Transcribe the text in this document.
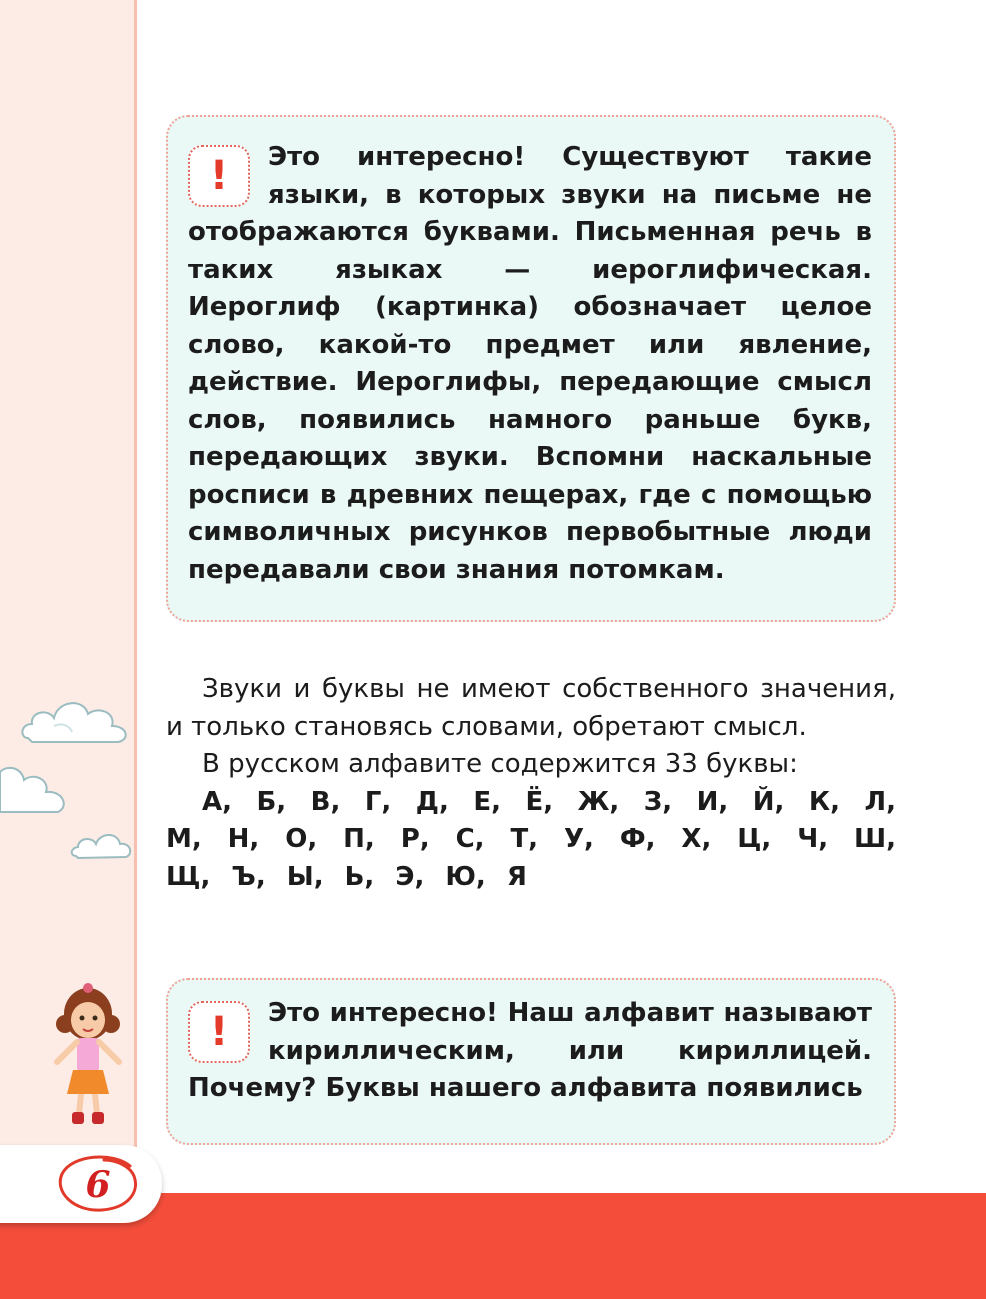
!	Это интересно! Существуют такие языки, в которых звуки на письме не отображаются буквами. Письменная речь в таких языках — иероглифическая. Иероглиф (картинка) обозначает целое слово, какой-то предмет или явление, действие. Иероглифы, передающие смысл слов, появились намного раньше букв, передающих звуки. Вспомни наскальные росписи в древних пещерах, где с помощью символичных рисунков первобытные люди передавали свои знания потомкам.

Звуки и буквы не имеют собственного значения, и только становясь словами, обретают смысл.

В русском алфавите содержится 33 буквы:

А, Б, В, Г, Д, Е, Ё, Ж, З, И, Й, К, Л, М, Н, О, П, Р, С, Т, У, Ф, Х, Ц, Ч, Ш, Щ, Ъ, Ы, Ь, Э, Ю, Я

!	Это интересно! Наш алфавит называют кириллическим, или кириллицей. Почему? Буквы нашего алфавита появились

6
